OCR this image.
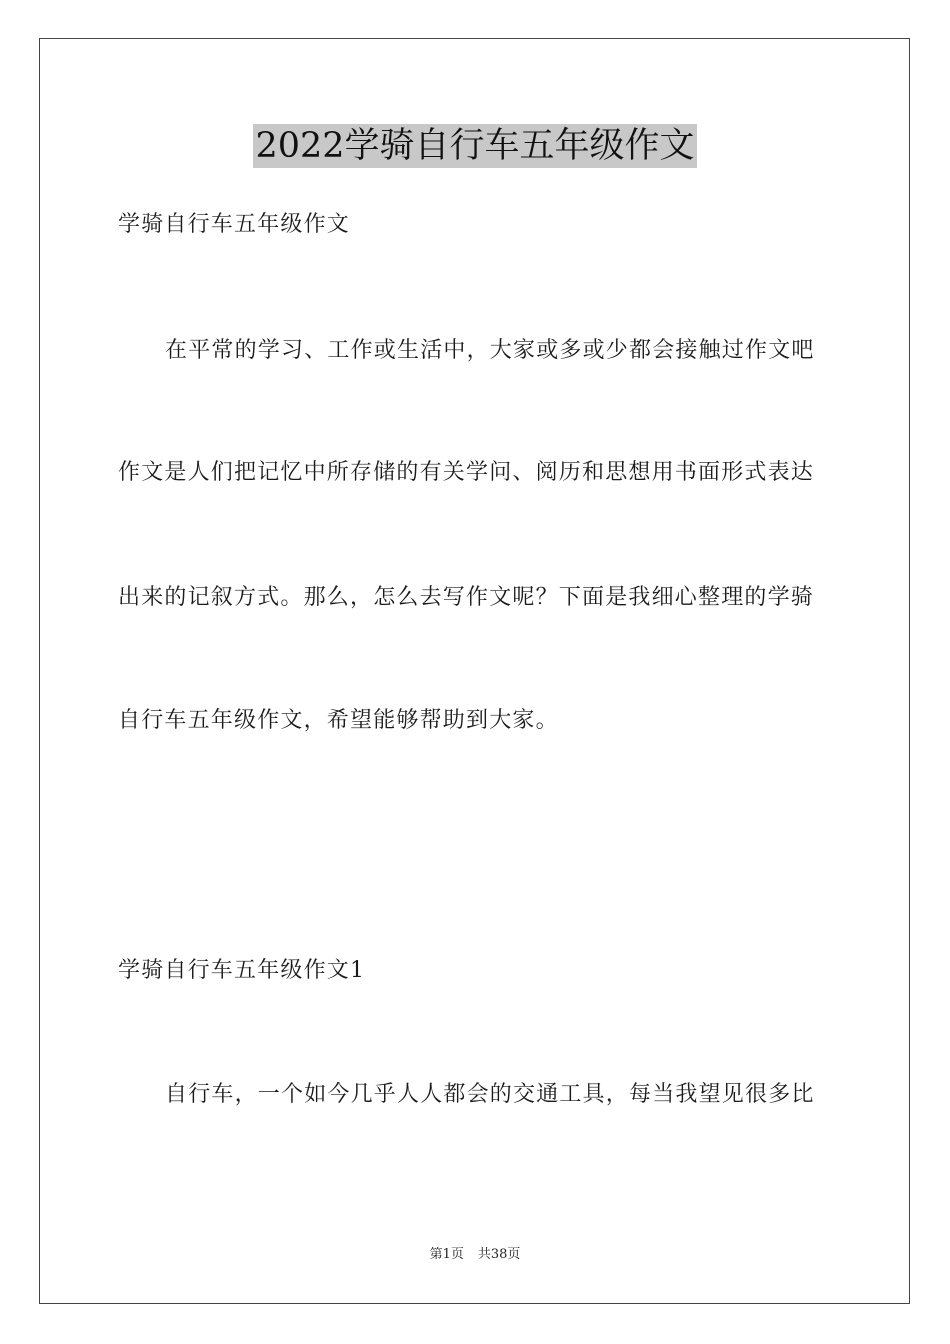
2022学骑自行车五年级作文
学骑自行车五年级作文
在平常的学习、工作或生活中，大家或多或少都会接触过作文吧
作文是人们把记忆中所存储的有关学问、阅历和思想用书面形式表达
出来的记叙方式。那么，怎么去写作文呢？下面是我细心整理的学骑
自行车五年级作文，希望能够帮助到大家。
学骑自行车五年级作文1
自行车，一个如今几乎人人都会的交通工具，每当我望见很多比
第1页 共38页
